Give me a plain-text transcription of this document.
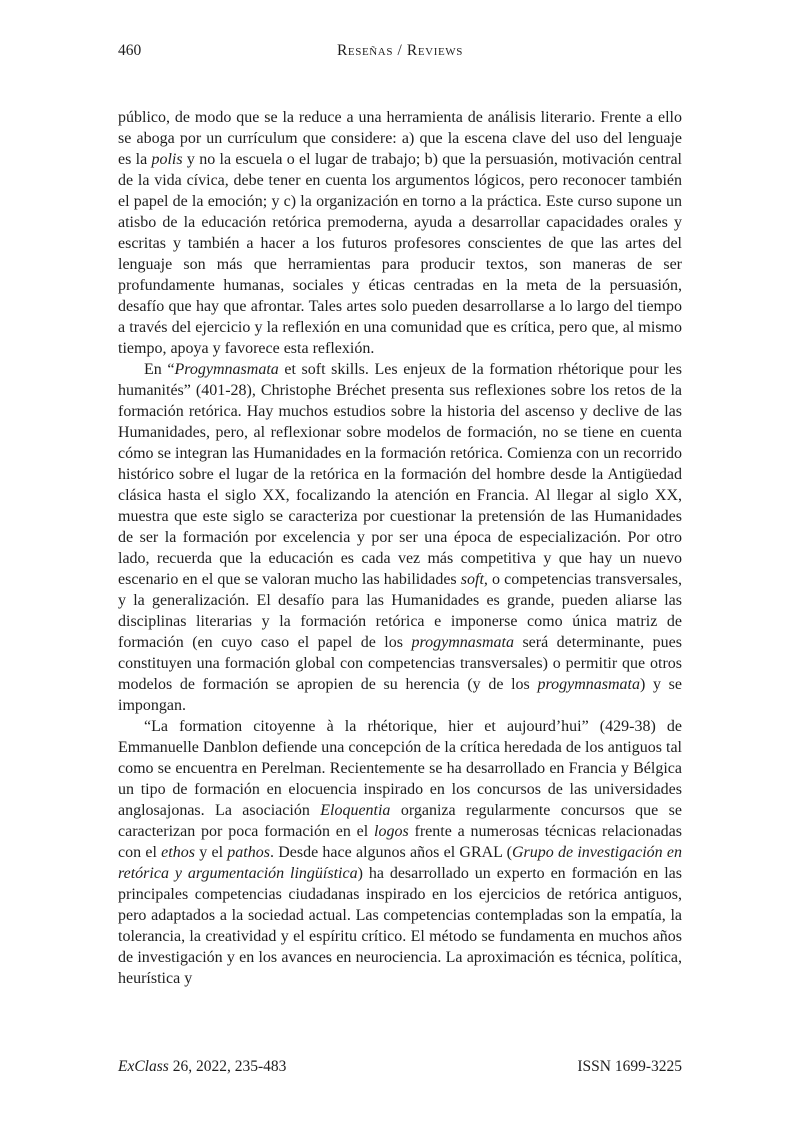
460	Reseñas / Reviews

público, de modo que se la reduce a una herramienta de análisis literario. Frente a ello se aboga por un currículum que considere: a) que la escena clave del uso del lenguaje es la polis y no la escuela o el lugar de trabajo; b) que la persuasión, motivación central de la vida cívica, debe tener en cuenta los argumentos lógicos, pero reconocer también el papel de la emoción; y c) la organización en torno a la práctica. Este curso supone un atisbo de la educación retórica premoderna, ayuda a desarrollar capacidades orales y escritas y también a hacer a los futuros profesores conscientes de que las artes del lenguaje son más que herramientas para producir textos, son maneras de ser profundamente humanas, sociales y éticas centradas en la meta de la persuasión, desafío que hay que afrontar. Tales artes solo pueden desarrollarse a lo largo del tiempo a través del ejercicio y la reflexión en una comunidad que es crítica, pero que, al mismo tiempo, apoya y favorece esta reflexión.

En “Progymnasmata et soft skills. Les enjeux de la formation rhétorique pour les humanités” (401-28), Christophe Bréchet presenta sus reflexiones sobre los retos de la formación retórica. Hay muchos estudios sobre la historia del ascenso y declive de las Humanidades, pero, al reflexionar sobre modelos de formación, no se tiene en cuenta cómo se integran las Humanidades en la formación retórica. Comienza con un recorrido histórico sobre el lugar de la retórica en la formación del hombre desde la Antigüedad clásica hasta el siglo XX, focalizando la atención en Francia. Al llegar al siglo XX, muestra que este siglo se caracteriza por cuestionar la pretensión de las Humanidades de ser la formación por excelencia y por ser una época de especialización. Por otro lado, recuerda que la educación es cada vez más competitiva y que hay un nuevo escenario en el que se valoran mucho las habilidades soft, o competencias transversales, y la generalización. El desafío para las Humanidades es grande, pueden aliarse las disciplinas literarias y la formación retórica e imponerse como única matriz de formación (en cuyo caso el papel de los progymnasmata será determinante, pues constituyen una formación global con competencias transversales) o permitir que otros modelos de formación se apropien de su herencia (y de los progymnasmata) y se impongan.

“La formation citoyenne à la rhétorique, hier et aujourd’hui” (429-38) de Emmanuelle Danblon defiende una concepción de la crítica heredada de los antiguos tal como se encuentra en Perelman. Recientemente se ha desarrollado en Francia y Bélgica un tipo de formación en elocuencia inspirado en los concursos de las universidades anglosajonas. La asociación Eloquentia organiza regularmente concursos que se caracterizan por poca formación en el logos frente a numerosas técnicas relacionadas con el ethos y el pathos. Desde hace algunos años el GRAL (Grupo de investigación en retórica y argumentación lingüística) ha desarrollado un experto en formación en las principales competencias ciudadanas inspirado en los ejercicios de retórica antiguos, pero adaptados a la sociedad actual. Las competencias contempladas son la empatía, la tolerancia, la creatividad y el espíritu crítico. El método se fundamenta en muchos años de investigación y en los avances en neurociencia. La aproximación es técnica, política, heurística y

ExClass 26, 2022, 235-483	ISSN 1699-3225
